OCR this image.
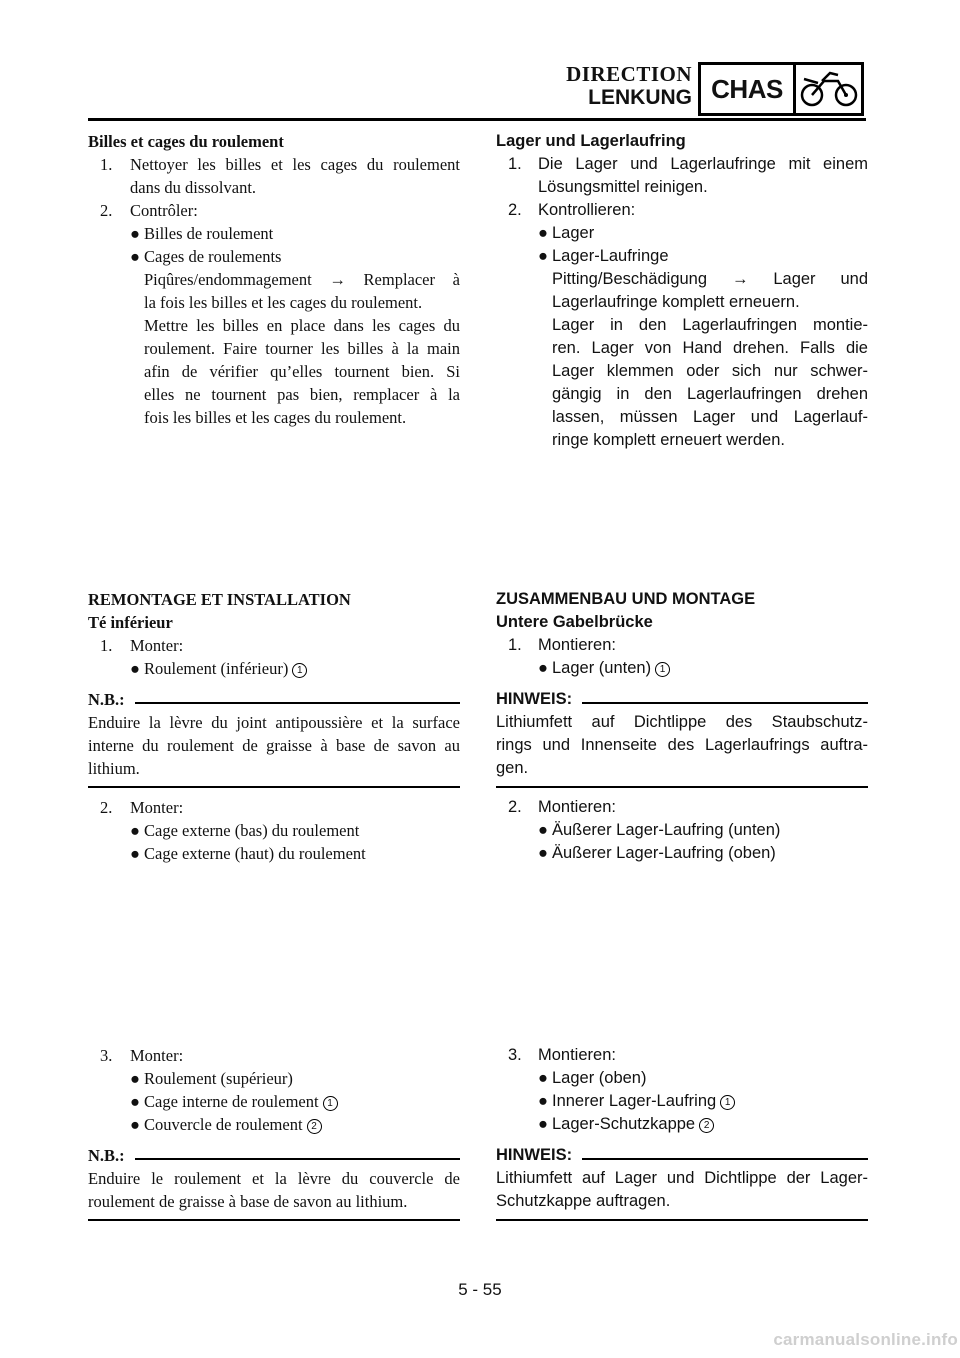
DIRECTION
LENKUNG CHAS
Billes et cages du roulement
1. Nettoyer les billes et les cages du roulement
dans du dissolvant.
2. Contrôler:
● Billes de roulement
● Cages de roulements
Piqûres/endommagement → Remplacer à
la fois les billes et les cages du roulement.
Mettre les billes en place dans les cages du
roulement. Faire tourner les billes à la main
afin de vérifier qu’elles tournent bien. Si
elles ne tournent pas bien, remplacer à la
fois les billes et les cages du roulement.
Lager und Lagerlaufring
1. Die Lager und Lagerlaufringe mit einem
Lösungsmittel reinigen.
2. Kontrollieren:
● Lager
● Lager-Laufringe
Pitting/Beschädigung → Lager und
Lagerlaufringe komplett erneuern.
Lager in den Lagerlaufringen montie-
ren. Lager von Hand drehen. Falls die
Lager klemmen oder sich nur schwer-
gängig in den Lagerlaufringen drehen
lassen, müssen Lager und Lagerlauf-
ringe komplett erneuert werden.
REMONTAGE ET INSTALLATION
Té inférieur
1. Monter:
● Roulement (inférieur) 1
N.B.:
Enduire la lèvre du joint antipoussière et la surface
interne du roulement de graisse à base de savon au
lithium.
2. Monter:
● Cage externe (bas) du roulement
● Cage externe (haut) du roulement
ZUSAMMENBAU UND MONTAGE
Untere Gabelbrücke
1. Montieren:
● Lager (unten) 1
HINWEIS:
Lithiumfett auf Dichtlippe des Staubschutz-
rings und Innenseite des Lagerlaufrings auftra-
gen.
2. Montieren:
● Äußerer Lager-Laufring (unten)
● Äußerer Lager-Laufring (oben)
3. Monter:
● Roulement (supérieur)
● Cage interne de roulement 1
● Couvercle de roulement 2
N.B.:
Enduire le roulement et la lèvre du couvercle de
roulement de graisse à base de savon au lithium.
3. Montieren:
● Lager (oben)
● Innerer Lager-Laufring 1
● Lager-Schutzkappe 2
HINWEIS:
Lithiumfett auf Lager und Dichtlippe der Lager-
Schutzkappe auftragen.
5 - 55
carmanualsonline.info
